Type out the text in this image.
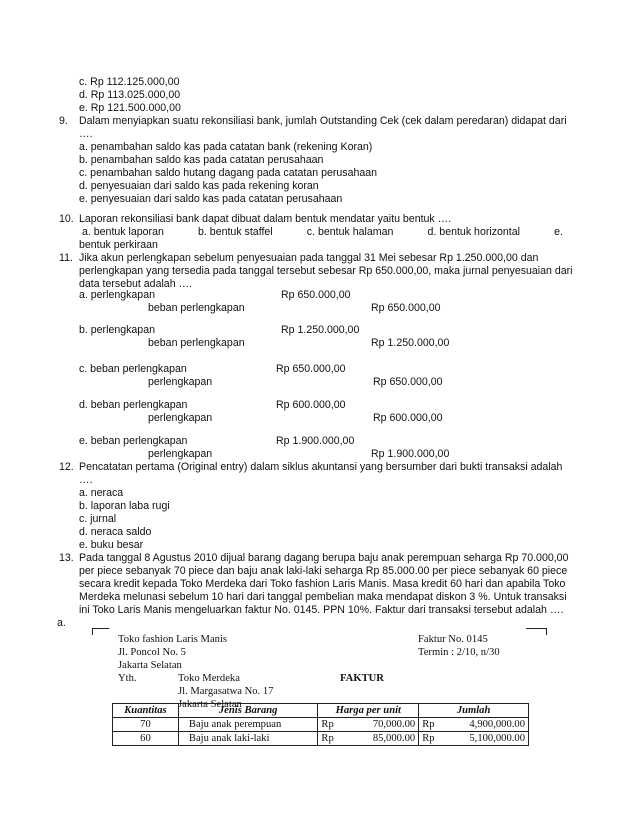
c. Rp 112.125.000,00
d. Rp 113.025.000,00
e. Rp 121.500.000,00
9. Dalam menyiapkan suatu rekonsiliasi bank, jumlah Outstanding Cek (cek dalam peredaran) didapat dari
….
a. penambahan saldo kas pada catatan bank (rekening Koran)
b. penambahan saldo kas pada catatan perusahaan
c. penambahan saldo hutang dagang pada catatan perusahaan
d. penyesuaian dari saldo kas pada rekening koran
e. penyesuaian dari saldo kas pada catatan perusahaan
10. Laporan rekonsiliasi bank dapat dibuat dalam bentuk mendatar yaitu bentuk ….
a. bentuk laporan	b. bentuk staffel	c. bentuk halaman	d. bentuk horizontal	e.
bentuk perkiraan
11. Jika akun perlengkapan sebelum penyesuaian pada tanggal 31 Mei sebesar Rp 1.250.000,00 dan
perlengkapan yang tersedia pada tanggal tersebut sebesar Rp 650.000,00, maka jurnal penyesuaian dari
data tersebut adalah ….
a. perlengkapan	Rp 650.000,00
beban perlengkapan	Rp 650.000,00
b. perlengkapan	Rp 1.250.000,00
beban perlengkapan	Rp 1.250.000,00
c. beban perlengkapan	Rp 650.000,00
perlengkapan	Rp 650.000,00
d. beban perlengkapan	Rp 600.000,00
perlengkapan	Rp 600.000,00
e. beban perlengkapan	Rp 1.900.000,00
perlengkapan	Rp 1.900.000,00
12. Pencatatan pertama (Original entry) dalam siklus akuntansi yang bersumber dari bukti transaksi adalah
….
a. neraca
b. laporan laba rugi
c. jurnal
d. neraca saldo
e. buku besar
13. Pada tanggal 8 Agustus 2010 dijual barang dagang berupa baju anak perempuan seharga Rp 70.000,00
per piece sebanyak 70 piece dan baju anak laki-laki seharga Rp 85.000.00 per piece sebanyak 60 piece
secara kredit kepada Toko Merdeka dari Toko fashion Laris Manis. Masa kredit 60 hari dan apabila Toko
Merdeka melunasi sebelum 10 hari dari tanggal pembelian maka mendapat diskon 3 %. Untuk transaksi
ini Toko Laris Manis mengeluarkan faktur No. 0145. PPN 10%. Faktur dari transaksi tersebut adalah ….
a.
Toko fashion Laris Manis
Jl. Poncol No. 5
Jakarta Selatan
Faktur No. 0145
Termin : 2/10, n/30
Yth.	Toko Merdeka
Jl. Margasatwa No. 17
Jakarta Selatan
FAKTUR
Kuantitas	Jenis Barang	Harga per unit	Jumlah
70	Baju anak perempuan	Rp 70,000.00	Rp 4,900,000.00

60	Baju anak laki-laki	Rp 85,000.00	Rp 5,100,000.00
